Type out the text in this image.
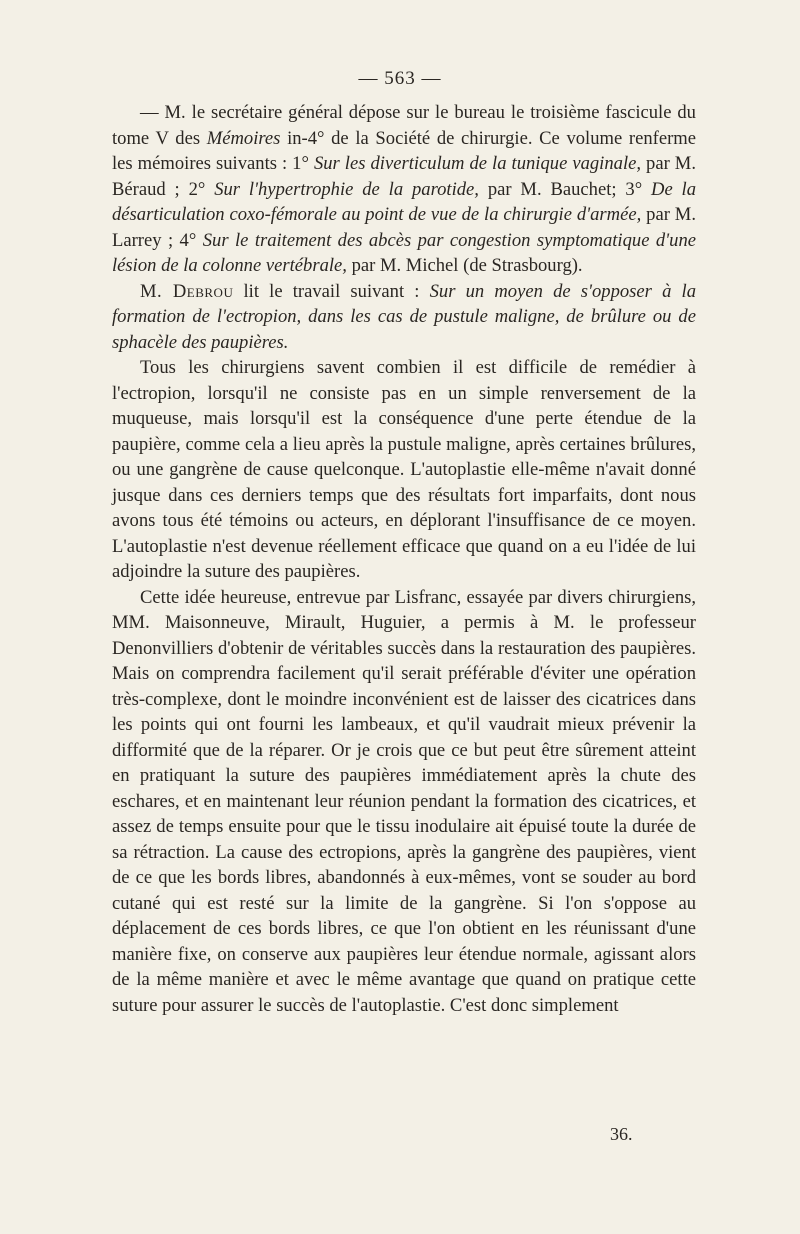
— 563 —

— M. le secrétaire général dépose sur le bureau le troisième fascicule du tome V des Mémoires in-4° de la Société de chirurgie. Ce volume renferme les mémoires suivants : 1° Sur les diverticulum de la tunique vaginale, par M. Béraud ; 2° Sur l'hypertrophie de la parotide, par M. Bauchet; 3° De la désarticulation coxo-fémorale au point de vue de la chirurgie d'armée, par M. Larrey ; 4° Sur le traitement des abcès par congestion symptomatique d'une lésion de la colonne vertébrale, par M. Michel (de Strasbourg).

M. Debrou lit le travail suivant : Sur un moyen de s'opposer à la formation de l'ectropion, dans les cas de pustule maligne, de brûlure ou de sphacèle des paupières.

Tous les chirurgiens savent combien il est difficile de remédier à l'ectropion, lorsqu'il ne consiste pas en un simple renversement de la muqueuse, mais lorsqu'il est la conséquence d'une perte étendue de la paupière, comme cela a lieu après la pustule maligne, après certaines brûlures, ou une gangrène de cause quelconque. L'autoplastie elle-même n'avait donné jusque dans ces derniers temps que des résultats fort imparfaits, dont nous avons tous été témoins ou acteurs, en déplorant l'insuffisance de ce moyen. L'autoplastie n'est devenue réellement efficace que quand on a eu l'idée de lui adjoindre la suture des paupières.

Cette idée heureuse, entrevue par Lisfranc, essayée par divers chirurgiens, MM. Maisonneuve, Mirault, Huguier, a permis à M. le professeur Denonvilliers d'obtenir de véritables succès dans la restauration des paupières. Mais on comprendra facilement qu'il serait préférable d'éviter une opération très-complexe, dont le moindre inconvénient est de laisser des cicatrices dans les points qui ont fourni les lambeaux, et qu'il vaudrait mieux prévenir la difformité que de la réparer. Or je crois que ce but peut être sûrement atteint en pratiquant la suture des paupières immédiatement après la chute des eschares, et en maintenant leur réunion pendant la formation des cicatrices, et assez de temps ensuite pour que le tissu inodulaire ait épuisé toute la durée de sa rétraction. La cause des ectropions, après la gangrène des paupières, vient de ce que les bords libres, abandonnés à eux-mêmes, vont se souder au bord cutané qui est resté sur la limite de la gangrène. Si l'on s'oppose au déplacement de ces bords libres, ce que l'on obtient en les réunissant d'une manière fixe, on conserve aux paupières leur étendue normale, agissant alors de la même manière et avec le même avantage que quand on pratique cette suture pour assurer le succès de l'autoplastie. C'est donc simplement

36.
